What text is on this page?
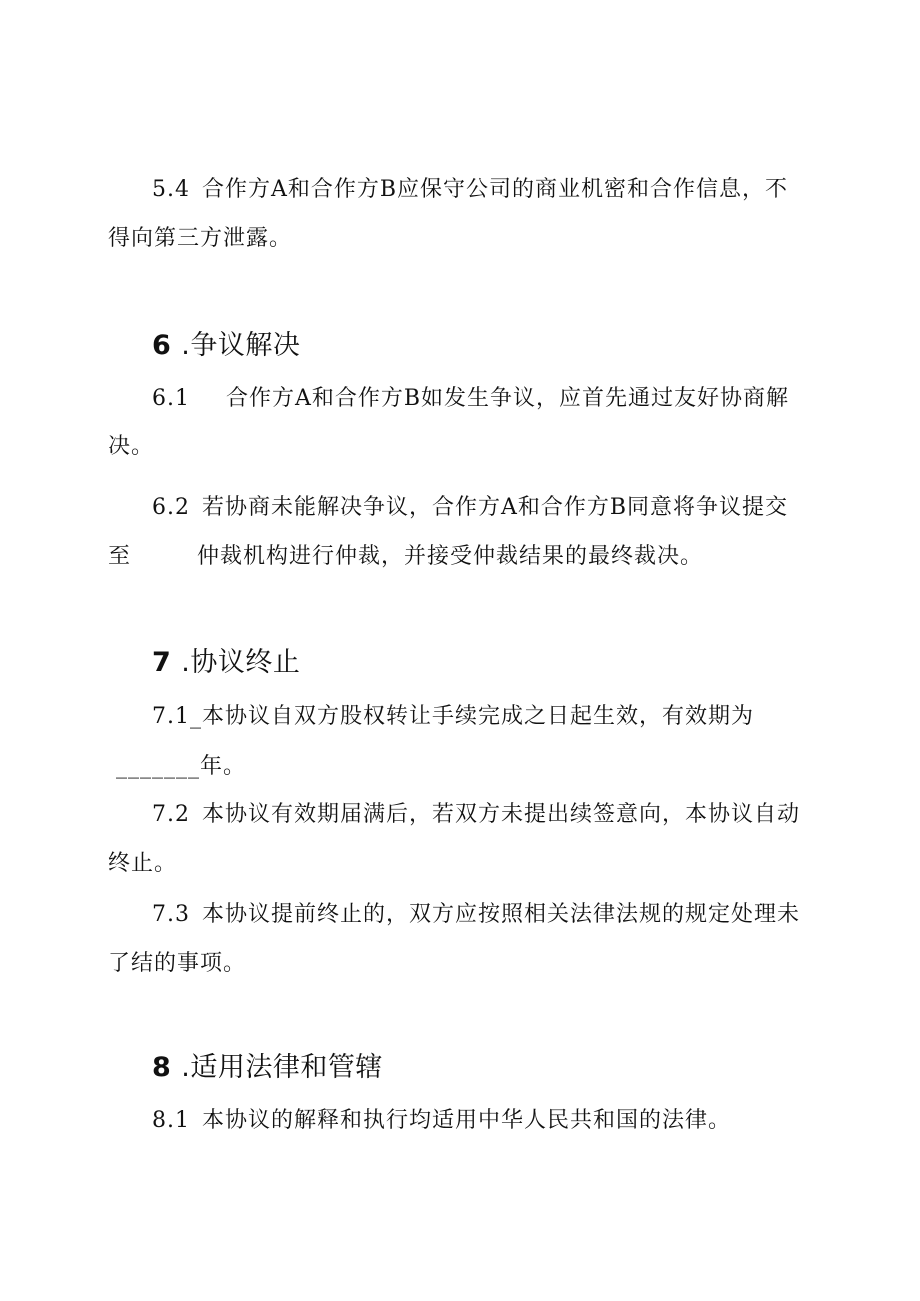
5.4 合作方A和合作方B应保守公司的商业机密和合作信息，不
得向第三方泄露。
6 .争议解决
6.1 合作方A和合作方B如发生争议，应首先通过友好协商解
决。
6.2 若协商未能解决争议，合作方A和合作方B同意将争议提交
至	仲裁机构进行仲裁，并接受仲裁结果的最终裁决。
7 .协议终止
7.1_本协议自双方股权转让手续完成之日起生效，有效期为
_______年。
7.2 本协议有效期届满后，若双方未提出续签意向，本协议自动
终止。
7.3 本协议提前终止的，双方应按照相关法律法规的规定处理未
了结的事项。
8 .适用法律和管辖
8.1 本协议的解释和执行均适用中华人民共和国的法律。
